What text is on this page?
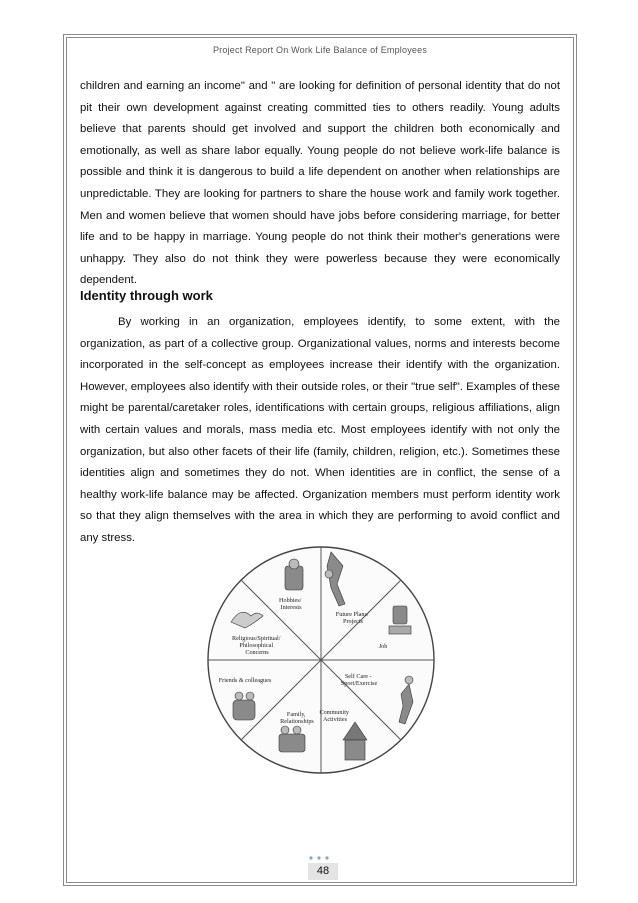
Project Report On Work Life Balance of Employees
children and earning an income" and " are looking for definition of personal identity that do not pit their own development against creating committed ties to others readily. Young adults believe that parents should get involved and support the children both economically and emotionally, as well as share labor equally. Young people do not believe work-life balance is possible and think it is dangerous to build a life dependent on another when relationships are unpredictable. They are looking for partners to share the house work and family work together. Men and women believe that women should have jobs before considering marriage, for better life and to be happy in marriage. Young people do not think their mother's generations were unhappy. They also do not think they were powerless because they were economically dependent.
Identity through work
By working in an organization, employees identify, to some extent, with the organization, as part of a collective group. Organizational values, norms and interests become incorporated in the self-concept as employees increase their identify with the organization. However, employees also identify with their outside roles, or their "true self". Examples of these might be parental/caretaker roles, identifications with certain groups, religious affiliations, align with certain values and morals, mass media etc. Most employees identify with not only the organization, but also other facets of their life (family, children, religion, etc.). Sometimes these identities align and sometimes they do not. When identities are in conflict, the sense of a healthy work-life balance may be affected. Organization members must perform identity work so that they align themselves with the area in which they are performing to avoid conflict and any stress.
Hobbies/ Interests
Future Plans/ Projects
Job
Self Care - Sport/Exercise
Community Activities
Family, Relationships
Friends & colleagues
Religious/Spiritual/ Philosophical Concerns
48
